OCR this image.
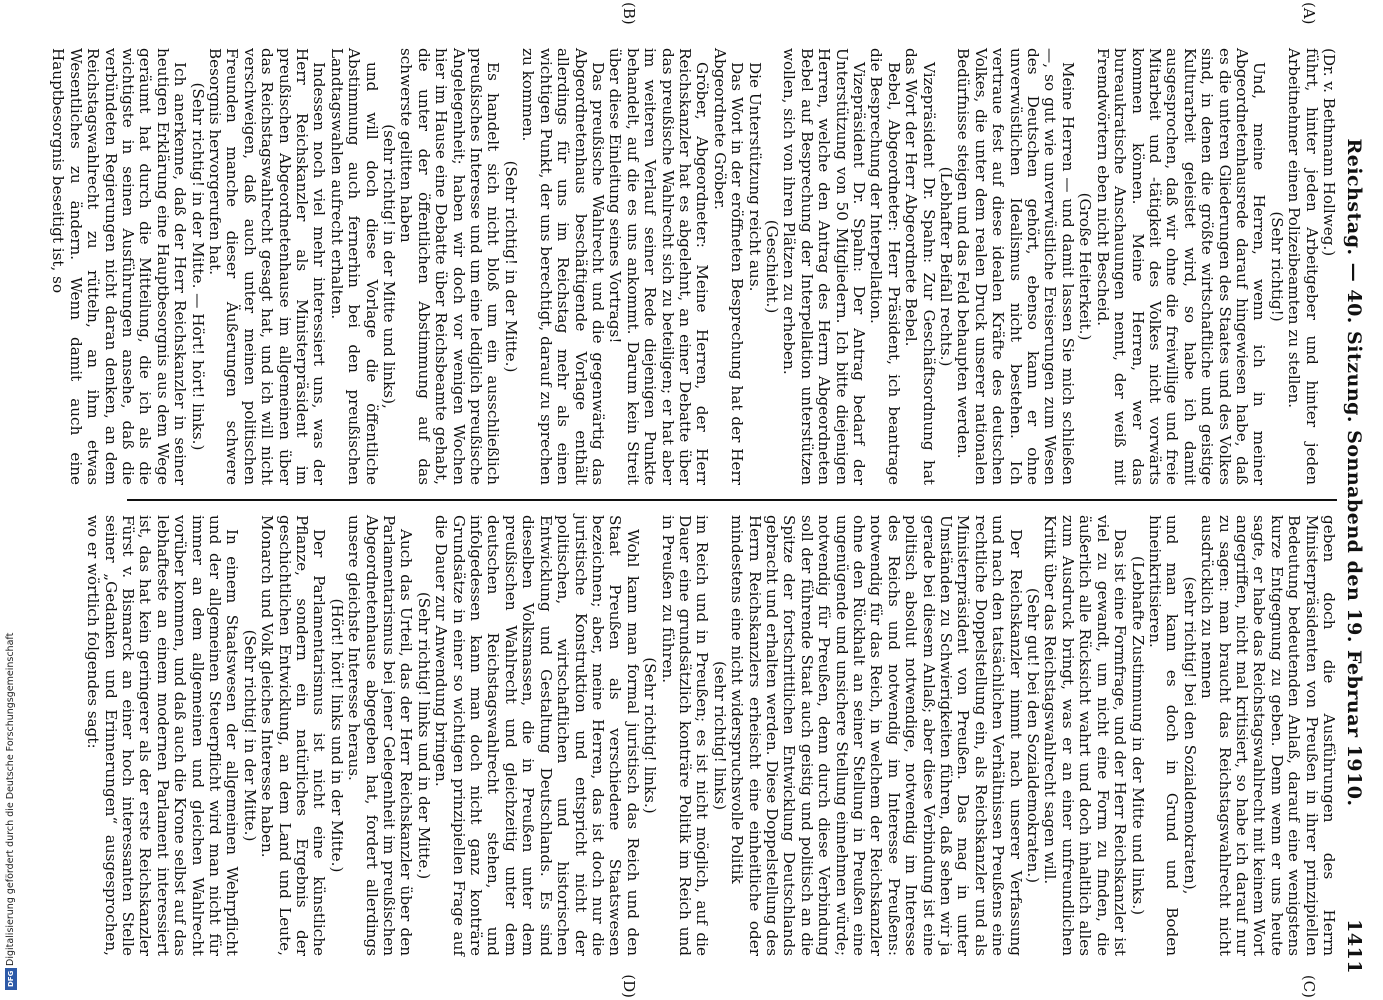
Reichstag. — 40. Sitzung. Sonnabend den 19. Februar 1910.
1411
(A)
(B)

(Dr. v. Bethmann Hollweg.)

führt, hinter jeden Arbeitgeber und hinter jeden Arbeitnehmer einen Polizeibeamten zu stellen.

(Sehr richtig!)

Und, meine Herren, wenn ich in meiner Abgeordnetenhausrede darauf hingewiesen habe, daß es die unteren Gliederungen des Staates und des Volkes sind, in denen die größte wirtschaftliche und geistige Kulturarbeit geleistet wird, so habe ich damit ausgesprochen, daß wir ohne die freiwillige und freie Mitarbeit und -tätigkeit des Volkes nicht vorwärts kommen können. Meine Herren, wer das bureaukratische Anschauungen nennt, der weiß mit Fremdwörtern eben nicht Bescheid.

(Große Heiterkeit.)

Meine Herren — und damit lassen Sie mich schließen —, so gut wie unverwüstliche Ereiserungen zum Wesen des Deutschen gehört, ebenso kann er ohne unverwüstlichen Idealismus nicht bestehen. Ich vertraue fest auf diese idealen Kräfte des deutschen Volkes, die unter dem realen Druck unserer nationalen Bedürfnisse steigen und das Feld behaupten werden.

(Lebhafter Beifall rechts.)

Vizepräsident Dr. Spahn: Zur Geschäftsordnung hat das Wort der Herr Abgeordnete Bebel.

Bebel, Abgeordneter: Herr Präsident, ich beantrage die Besprechung der Interpellation.

Vizepräsident Dr. Spahn: Der Antrag bedarf der Unterstützung von 50 Mitgliedern. Ich bitte diejenigen Herren, welche den Antrag des Herrn Abgeordneten Bebel auf Besprechung der Interpellation unterstützen wollen, sich von ihren Plätzen zu erheben.

(Geschieht.)

Die Unterstützung reicht aus.

Das Wort in der eröffneten Besprechung hat der Herr Abgeordnete Gröber.

Gröber, Abgeordneter: Meine Herren, der Herr Reichskanzler hat es abgelehnt, an einer Debatte über das preußische Wahlrecht sich zu beteiligen; er hat aber im weiteren Verlauf seiner Rede diejenigen Punkte behandelt, auf die es uns ankommt. Darum kein Streit über diese Einleitung seines Vortrags!

Das preußische Wahlrecht und die gegenwärtig das Abgeordnetenhaus beschäftigende Vorlage enthält allerdings für uns im Reichstag mehr als einen wichtigen Punkt, der uns berechtigt, darauf zu sprechen zu kommen.

(Sehr richtig! in der Mitte.)

Es handelt sich nicht bloß um ein ausschließlich preußisches Interesse und um eine lediglich preußische Angelegenheit; haben wir doch vor wenigen Wochen hier im Hause eine Debatte über Reichsbeamte gehabt, die unter der öffentlichen Abstimmung auf das schwerste gelitten haben

(sehr richtig! in der Mitte und links),

und will doch diese Vorlage die öffentliche Abstimmung auch fernerhin bei den preußischen Landtagswahlen aufrecht erhalten.

Indessen noch viel mehr interessiert uns, was der Herr Reichskanzler als Ministerpräsident im preußischen Abgeordnetenhause im allgemeinen über das Reichstagswahlrecht gesagt hat, und ich will nicht verschweigen, daß auch unter meinen politischen Freunden manche dieser Äußerungen schwere Besorgnis hervorgerufen hat.

(Sehr richtig! in der Mitte. — Hört! hört! links.)

Ich anerkenne, daß der Herr Reichskanzler in seiner heutigen Erklärung eine Hauptbesorgnis aus dem Wege geräumt hat durch die Mitteilung, die ich als die wichtigste in seinen Ausführungen ansehe, daß die verbündeten Regierungen nicht daran denken, an dem Reichstagswahlrecht zu rütteln, an ihm etwas Wesentliches zu ändern. Wenn damit auch eine Hauptbesorgnis beseitigt ist, so

(C)
(D)

geben doch die Ausführungen des Herrn Ministerpräsidenten von Preußen in ihrer prinzipiellen Bedeutung bedeutenden Anlaß, darauf eine wenigstens kurze Entgegnung zu geben. Denn wenn er uns heute sagte, er habe das Reichstagswahlrecht mit keinem Wort angegriffen, nicht mal kritisiert, so habe ich darauf nur zu sagen: man braucht das Reichstagswahlrecht nicht ausdrücklich zu nennen

(sehr richtig! bei den Sozialdemokraten),

und man kann es doch in Grund und Boden hineinkritisieren.

(Lebhafte Zustimmung in der Mitte und links.)

Das ist eine Formfrage, und der Herr Reichskanzler ist viel zu gewandt, um nicht eine Form zu finden, die äußerlich alle Rücksicht wahrt und doch inhaltlich alles zum Ausdruck bringt, was er an einer unfreundlichen Kritik über das Reichstagswahlrecht sagen will.

(Sehr gut! bei den Sozialdemokraten.)

Der Reichskanzler nimmt nach unserer Verfassung und nach den tatsächlichen Verhältnissen Preußens eine rechtliche Doppelstellung ein, als Reichskanzler und als Ministerpräsident von Preußen. Das mag in unter Umständen zu Schwierigkeiten führen, daß sehen wir ja gerade bei diesem Anlaß; aber diese Verbindung ist eine politisch absolut notwendige, notwendig im Interesse des Reichs und notwendig im Interesse Preußens: notwendig für das Reich, in welchem der Reichskanzler ohne den Rückhalt an seiner Stellung in Preußen eine ungenügende und unsichere Stellung einnehmen würde; notwendig für Preußen, denn durch diese Verbindung soll der führende Staat auch geistig und politisch an die Spitze der fortschrittlichen Entwicklung Deutschlands gebracht und erhalten werden. Diese Doppelstellung des Herrn Reichskanzlers erheischt eine einheitliche oder mindestens eine nicht widerspruchsvolle Politik

(sehr richtig! links)

im Reich und in Preußen; es ist nicht möglich, auf die Dauer eine grundsätzlich konträre Politik im Reich und in Preußen zu führen.

(Sehr richtig! links.)

Wohl kann man formal juristisch das Reich und den Staat Preußen als verschiedene Staatswesen bezeichnen; aber, meine Herren, das ist doch nur die juristische Konstruktion und entspricht nicht der politischen, wirtschaftlichen und historischen Entwicklung und Gestaltung Deutschlands. Es sind dieselben Volksmassen, die in Preußen unter dem preußischen Wahlrecht und gleichzeitig unter dem deutschen Reichstagswahlrecht stehen, und infolgedessen kann man doch nicht ganz konträre Grundsätze in einer so wichtigen prinzipiellen Frage auf die Dauer zur Anwendung bringen.

(Sehr richtig! links und in der Mitte.)

Auch das Urteil, das der Herr Reichskanzler über den Parlamentarismus bei jener Gelegenheit im preußischen Abgeordnetenhause abgegeben hat, fordert allerdings unsere gleichste Interesse heraus.

(Hört! hört! links und in der Mitte.)

Der Parlamentarismus ist nicht eine künstliche Pflanze, sondern ein natürliches Ergebnis der geschichtlichen Entwicklung, an dem Land und Leute, Monarch und Volk gleiches Interesse haben.

(Sehr richtig! in der Mitte.)

In einem Staatswesen der allgemeinen Wehrpflicht und der allgemeinen Steuerpflicht wird man nicht für immer an dem allgemeinen und gleichen Wahlrecht vorüber kommen, und daß auch die Krone selbst auf das lebhafteste an einem modernen Parlament interessiert ist, das hat kein geringerer als der erste Reichskanzler Fürst v. Bismarck an einer hoch interessanten Stelle seiner „Gedanken und Erinnerungen“ ausgesprochen, wo er wörtlich folgendes sagt:

DFG
Digitalisierung gefördert durch die Deutsche Forschungsgemeinschaft
